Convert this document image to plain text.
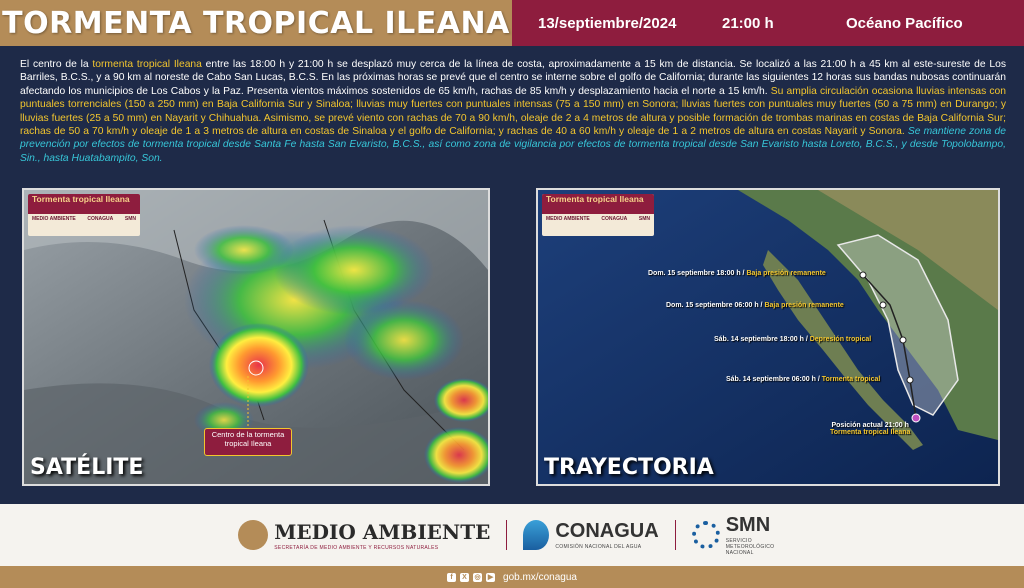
TORMENTA TROPICAL ILEANA 13/septiembre/2024	21:00 h	Océano Pacífico
El centro de la tormenta tropical Ileana entre las 18:00 h y 21:00 h se desplazó muy cerca de la línea de costa, aproximadamente a 15 km de distancia. Se localizó a las 21:00 h a 45 km al este-sureste de Los Barriles, B.C.S., y a 90 km al noreste de Cabo San Lucas, B.C.S. En las próximas horas se prevé que el centro se interne sobre el golfo de California; durante las siguientes 12 horas sus bandas nubosas continuarán afectando los municipios de Los Cabos y la Paz. Presenta vientos máximos sostenidos de 65 km/h, rachas de 85 km/h y desplazamiento hacia el norte a 15 km/h. Su amplia circulación ocasiona lluvias intensas con puntuales torrenciales (150 a 250 mm) en Baja California Sur y Sinaloa; lluvias muy fuertes con puntuales intensas (75 a 150 mm) en Sonora; lluvias fuertes con puntuales muy fuertes (50 a 75 mm) en Durango; y lluvias fuertes (25 a 50 mm) en Nayarit y Chihuahua. Asimismo, se prevé viento con rachas de 70 a 90 km/h, oleaje de 2 a 4 metros de altura y posible formación de trombas marinas en costas de Baja California Sur; rachas de 50 a 70 km/h y oleaje de 1 a 3 metros de altura en costas de Sinaloa y el golfo de California; y rachas de 40 a 60 km/h y oleaje de 1 a 2 metros de altura en costas Nayarit y Sonora. Se mantiene zona de prevención por efectos de tormenta tropical desde Santa Fe hasta San Evaristo, B.C.S., así como zona de vigilancia por efectos de tormenta tropical desde San Evaristo hasta Loreto, B.C.S., y desde Topolobampo, Sin., hasta Huatabampito, Son.
Tormenta tropical Ileana
MEDIO AMBIENTE CONAGUA SMN
Centro de la tormenta tropical Ileana
SATÉLITE
Tormenta tropical Ileana
MEDIO AMBIENTE CONAGUA SMN
Dom. 15 septiembre 18:00 h / Baja presión remanente
Dom. 15 septiembre 06:00 h / Baja presión remanente
Sáb. 14 septiembre 18:00 h / Depresión tropical
Sáb. 14 septiembre 06:00 h / Tormenta tropical
Posición actual 21:00 h
Tormenta tropical Ileana
TRAYECTORIA
MEDIO AMBIENTE
SECRETARÍA DE MEDIO AMBIENTE Y RECURSOS NATURALES
CONAGUA
COMISIÓN NACIONAL DEL AGUA
SMN
SERVICIO METEOROLÓGICO NACIONAL
f	X	◎ ▶ gob.mx/conagua
